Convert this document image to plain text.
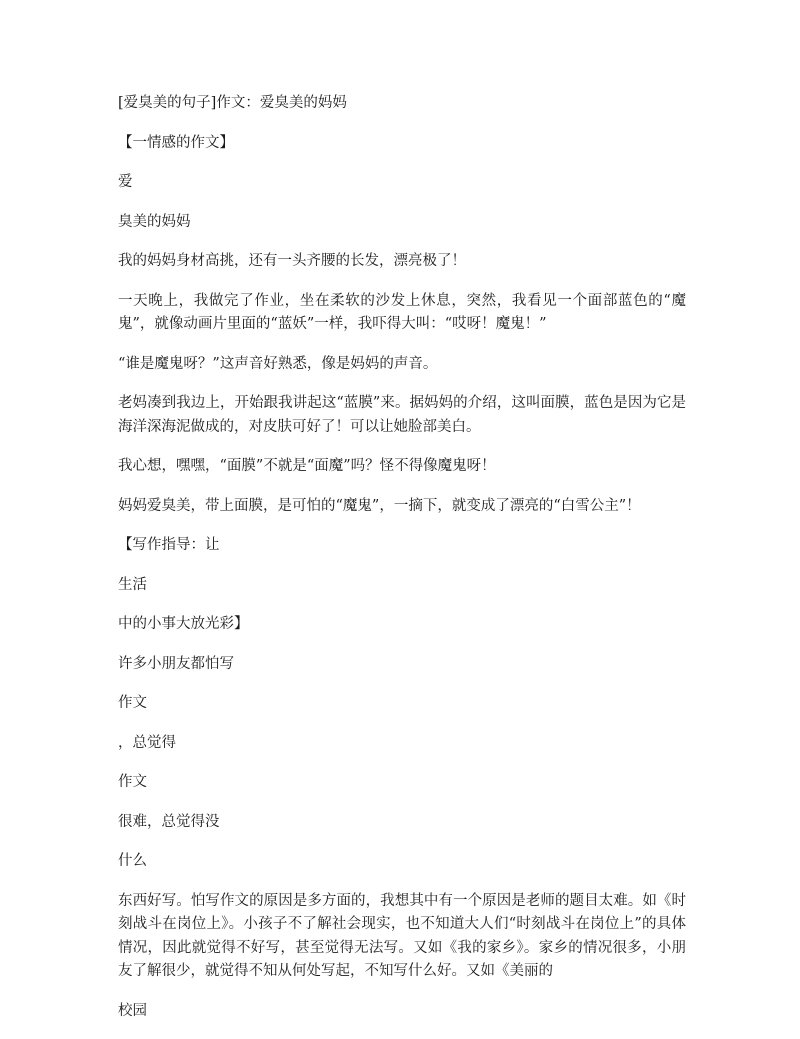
[爱臭美的句子]作文：爱臭美的妈妈

【一情感的作文】

爱

臭美的妈妈

我的妈妈身材高挑，还有一头齐腰的长发，漂亮极了！

一天晚上，我做完了作业，坐在柔软的沙发上休息，突然，我看见一个面部蓝色的“魔鬼”，就像动画片里面的“蓝妖”一样，我吓得大叫：“哎呀！魔鬼！”

“谁是魔鬼呀？”这声音好熟悉，像是妈妈的声音。

老妈凑到我边上，开始跟我讲起这“蓝膜”来。据妈妈的介绍，这叫面膜，蓝色是因为它是海洋深海泥做成的，对皮肤可好了！可以让她脸部美白。

我心想，嘿嘿，“面膜”不就是“面魔”吗？怪不得像魔鬼呀！

妈妈爱臭美，带上面膜，是可怕的“魔鬼”，一摘下，就变成了漂亮的“白雪公主”！

【写作指导：让

生活

中的小事大放光彩】

许多小朋友都怕写

作文

，总觉得

作文

很难，总觉得没

什么

东西好写。怕写作文的原因是多方面的，我想其中有一个原因是老师的题目太难。如《时刻战斗在岗位上》。小孩子不了解社会现实，也不知道大人们“时刻战斗在岗位上”的具体情况，因此就觉得不好写，甚至觉得无法写。又如《我的家乡》。家乡的情况很多，小朋友了解很少，就觉得不知从何处写起，不知写什么好。又如《美丽的

校园
